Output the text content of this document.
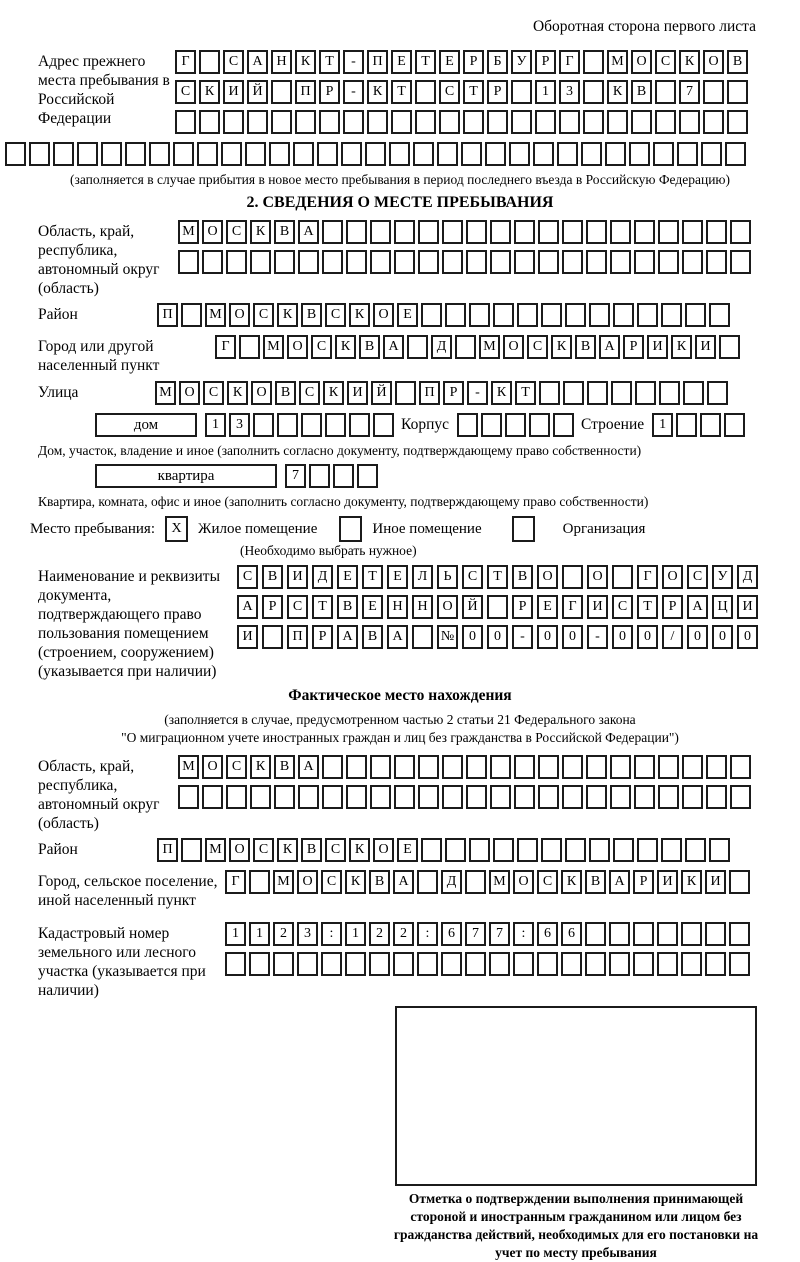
Оборотная сторона первого листа
Адрес прежнего места пребывания в Российской Федерации
Г	С	А Н	К	Т	-	П	Е	Т	Е	Р	Б	У	Р	Г	М О	С	К	О	В
С	К	И Й	П	Р	-	К	Т	С	Т	Р	1	3	К	В	7
(заполняется в случае прибытия в новое место пребывания в период последнего въезда в Российскую Федерацию)
2. СВЕДЕНИЯ О МЕСТЕ ПРЕБЫВАНИЯ
Область, край, республика, автономный округ (область)
М О	С	К	В	А
Район	П	М О	С	К	В	С	К	О	Е
Город или другой населенный пункт
Г	М О	С	К	В	А	Д	М О	С	К	В	А	Р	И	К	И
Улица	М О	С	К	О	В	С	К	И Й	П	Р	-	К	Т
дом	1	3	Корпус	Строение	1
Дом, участок, владение и иное (заполнить согласно документу, подтверждающему право собственности)
квартира	7
Квартира, комната, офис и иное (заполнить согласно документу, подтверждающему право собственности)
Место пребывания:	X	Жилое помещение	Иное помещение	Организация
(Необходимо выбрать нужное)
Наименование и реквизиты документа, подтверждающего право пользования помещением (строением, сооружением) (указывается при наличии)
С	В	И	Д	Е	Т	Е	Л	Ь	С	Т	В	О	О	Г	О	С	У	Д
А	Р	С	Т	В	Е	Н	Н	О	Й	Р	Е	Г	И	С	Т	Р	А	Ц	И
И	П	Р	А	В	А	№	0	0	-	0	0	-	0	0	/	0	0	0
Фактическое место нахождения
(заполняется в случае, предусмотренном частью 2 статьи 21 Федерального закона
"О миграционном учете иностранных граждан и лиц без гражданства в Российской Федерации")
Область, край, республика, автономный округ (область)
М О	С	К	В	А
Район	П	М О	С	К	В	С	К	О	Е
Город, сельское поселение, иной населенный пункт
Г	М О	С	К	В	А	Д	М О	С	К	В	А	Р	И	К	И
Кадастровый номер земельного или лесного участка (указывается при наличии)
1	1	2	3	:	1	2	2	:	6	7	7	:	6	6
Отметка о подтверждении выполнения принимающей стороной и иностранным гражданином или лицом без гражданства действий, необходимых для его постановки на учет по месту пребывания
